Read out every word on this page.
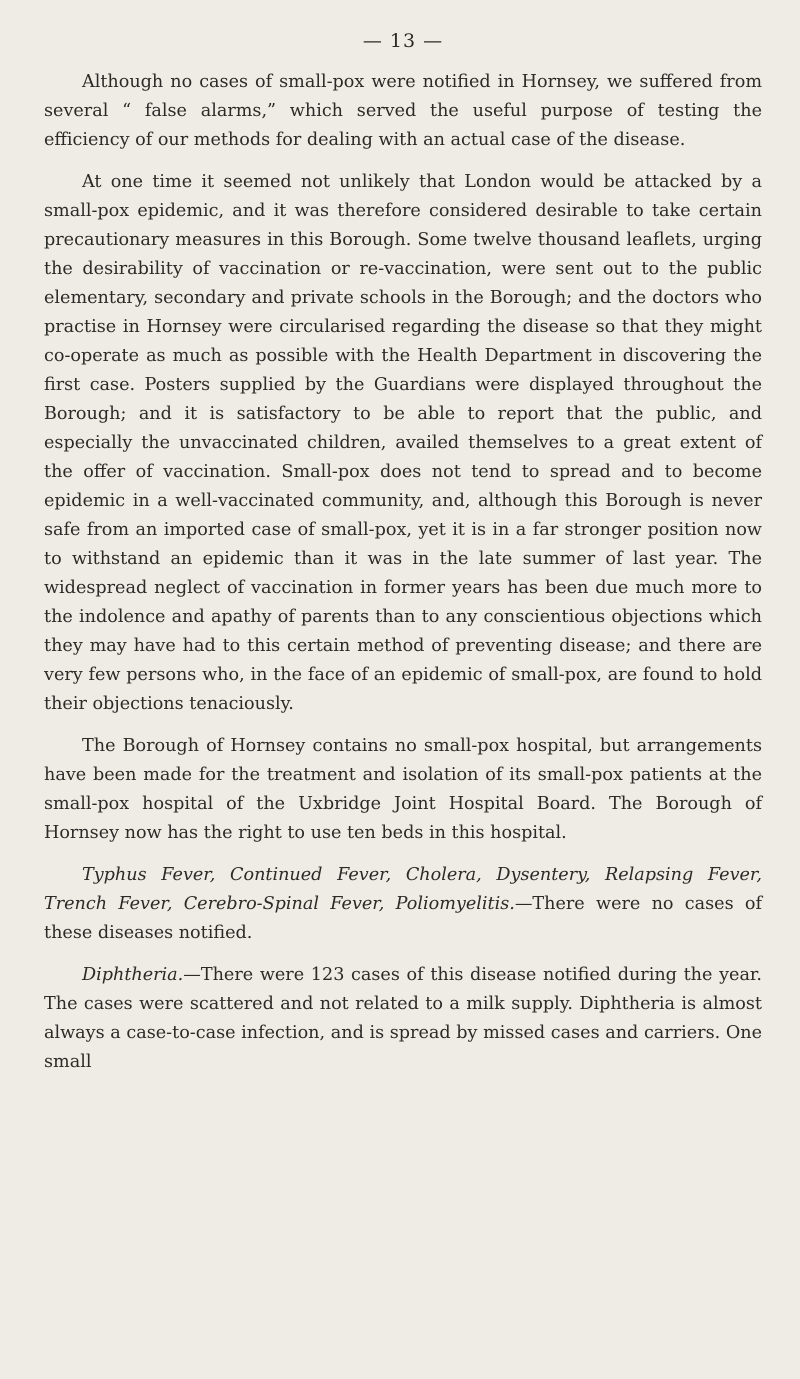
— 13 —

Although no cases of small-pox were notified in Hornsey, we suffered from several “ false alarms,” which served the useful purpose of testing the efficiency of our methods for dealing with an actual case of the disease.

At one time it seemed not unlikely that London would be attacked by a small-pox epidemic, and it was therefore considered desirable to take certain precautionary measures in this Borough. Some twelve thousand leaflets, urging the desirability of vaccination or re-vaccination, were sent out to the public elementary, secondary and private schools in the Borough; and the doctors who practise in Hornsey were circularised regarding the disease so that they might co-operate as much as possible with the Health Department in discovering the first case. Posters supplied by the Guardians were displayed throughout the Borough; and it is satisfactory to be able to report that the public, and especially the unvaccinated children, availed themselves to a great extent of the offer of vaccination. Small-pox does not tend to spread and to become epidemic in a well-vaccinated community, and, although this Borough is never safe from an imported case of small-pox, yet it is in a far stronger position now to withstand an epidemic than it was in the late summer of last year. The widespread neglect of vaccination in former years has been due much more to the indolence and apathy of parents than to any conscientious objections which they may have had to this certain method of preventing disease; and there are very few persons who, in the face of an epidemic of small-pox, are found to hold their objections tenaciously.

The Borough of Hornsey contains no small-pox hospital, but arrangements have been made for the treatment and isolation of its small-pox patients at the small-pox hospital of the Uxbridge Joint Hospital Board. The Borough of Hornsey now has the right to use ten beds in this hospital.

Typhus Fever, Continued Fever, Cholera, Dysentery, Relapsing Fever, Trench Fever, Cerebro-Spinal Fever, Poliomyelitis.—There were no cases of these diseases notified.

Diphtheria.—There were 123 cases of this disease notified during the year. The cases were scattered and not related to a milk supply. Diphtheria is almost always a case-to-case infection, and is spread by missed cases and carriers. One small
